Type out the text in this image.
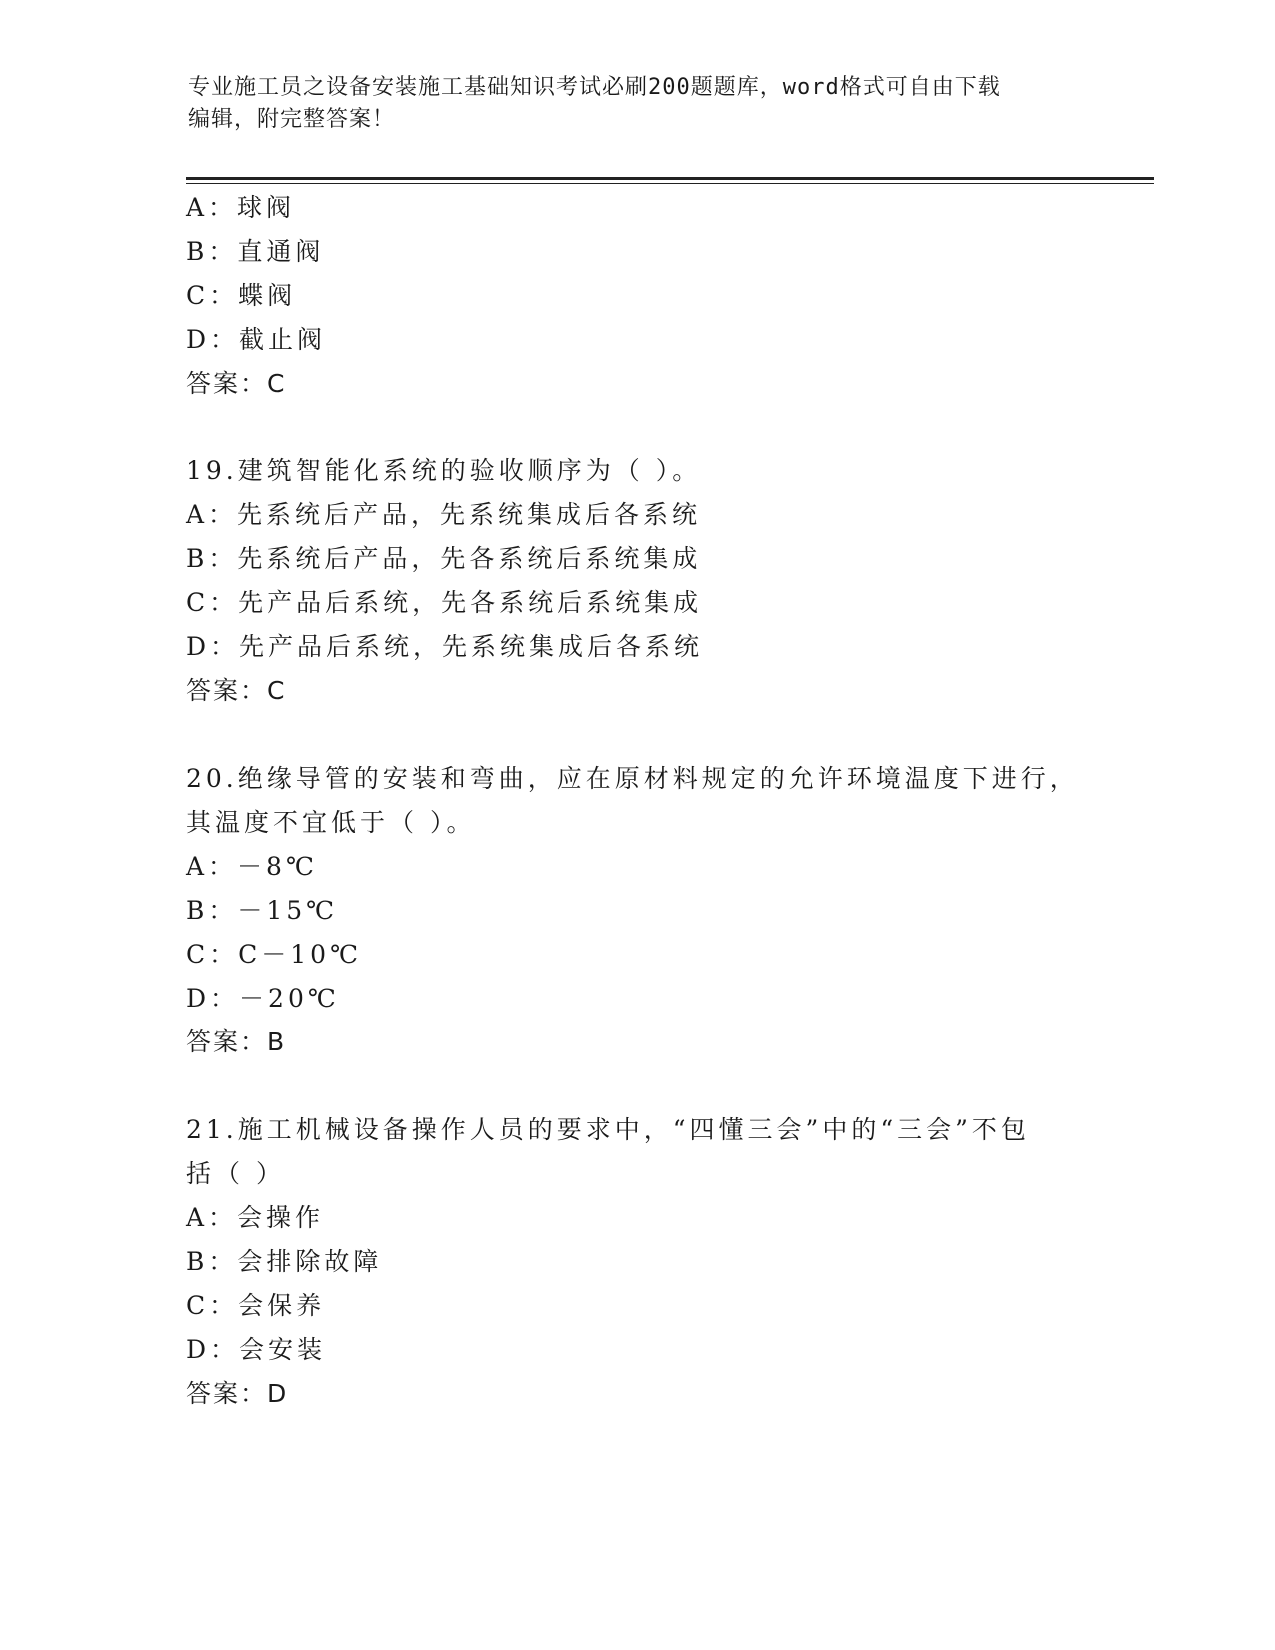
专业施工员之设备安装施工基础知识考试必刷200题题库，word格式可自由下载
编辑，附完整答案！
A：球阀
B：直通阀
C：蝶阀
D：截止阀
答案：C
19.建筑智能化系统的验收顺序为（ ）。
A：先系统后产品，先系统集成后各系统
B：先系统后产品，先各系统后系统集成
C：先产品后系统，先各系统后系统集成
D：先产品后系统，先系统集成后各系统
答案：C
20.绝缘导管的安装和弯曲，应在原材料规定的允许环境温度下进行，
其温度不宜低于（ ）。
A：－8℃
B：－15℃
C：C－10℃
D：－20℃
答案：B
21.施工机械设备操作人员的要求中，“四懂三会”中的“三会”不包
括（ ）
A：会操作
B：会排除故障
C：会保养
D：会安装
答案：D
